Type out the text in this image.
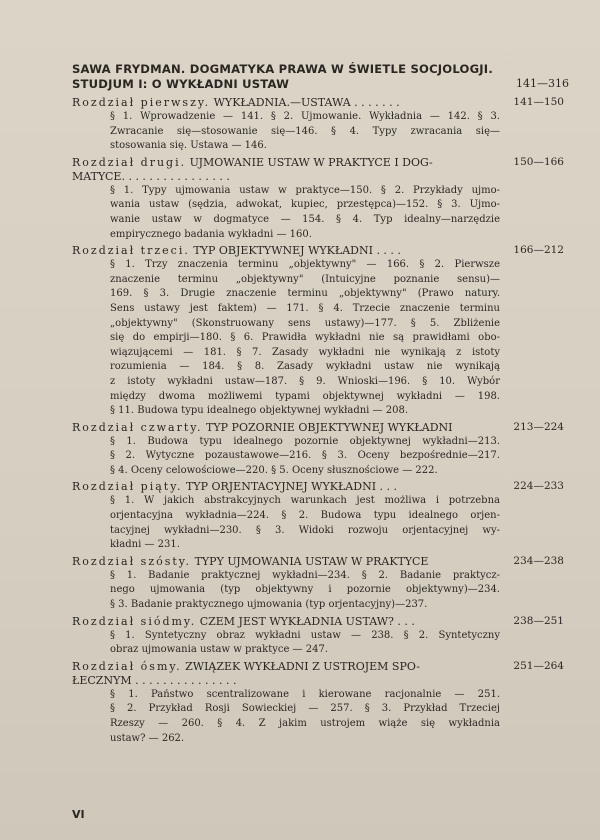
SAWA FRYDMAN. DOGMATYKA PRAWA W ŚWIETLE SOCJOLOGJI.
STUDJUM I: O WYKŁADNI USTAW	141—316
Rozdział pierwszy. WYKŁADNIA.—USTAWA . . . . . . .	141—150
§ 1. Wprowadzenie — 141. § 2. Ujmowanie. Wykładnia — 142. § 3.
Zwracanie się—stosowanie się—146. § 4. Typy zwracania się—
stosowania się. Ustawa — 146.
Rozdział drugi. UJMOWANIE USTAW W PRAKTYCE I DOG-
MATYCE. . . . . . . . . . . . . . . .
150—166
§ 1. Typy ujmowania ustaw w praktyce—150. § 2. Przykłady ujmo-
wania ustaw (sędzia, adwokat, kupiec, przestępca)—152. § 3. Ujmo-
wanie ustaw w dogmatyce — 154. § 4. Typ idealny—narzędzie
empirycznego badania wykładni — 160.
Rozdział trzeci. TYP OBJEKTYWNEJ WYKŁADNI . . . .	166—212
§ 1. Trzy znaczenia terminu „objektywny" — 166. § 2. Pierwsze
znaczenie terminu „objektywny" (Intuicyjne poznanie sensu)—
169. § 3. Drugie znaczenie terminu „objektywny" (Prawo natury.
Sens ustawy jest faktem) — 171. § 4. Trzecie znaczenie terminu
„objektywny" (Skonstruowany sens ustawy)—177. § 5. Zbliżenie
się do empirji—180. § 6. Prawidła wykładni nie są prawidłami obo-
wiązującemi — 181. § 7. Zasady wykładni nie wynikają z istoty
rozumienia — 184. § 8. Zasady wykładni ustaw nie wynikają
z istoty wykładni ustaw—187. § 9. Wnioski—196. § 10. Wybór
między dwoma możliwemi typami objektywnej wykładni — 198.
§ 11. Budowa typu idealnego objektywnej wykładni — 208.
Rozdział czwarty. TYP POZORNIE OBJEKTYWNEJ WYKŁADNI	213—224
§ 1. Budowa typu idealnego pozornie objektywnej wykładni—213.
§ 2. Wytyczne pozaustawowe—216. § 3. Oceny bezpośrednie—217.
§ 4. Oceny celowościowe—220. § 5. Oceny słusznościowe — 222.
Rozdział piąty. TYP ORJENTACYJNEJ WYKŁADNI . . .	224—233
§ 1. W jakich abstrakcyjnych warunkach jest możliwa i potrzebna
orjentacyjna wykładnia—224. § 2. Budowa typu idealnego orjen-
tacyjnej wykładni—230. § 3. Widoki rozwoju orjentacyjnej wy-
kładni — 231.
Rozdział szósty. TYPY UJMOWANIA USTAW W PRAKTYCE	234—238
§ 1. Badanie praktycznej wykładni—234. § 2. Badanie praktycz-
nego ujmowania (typ objektywny i pozornie objektywny)—234.
§ 3. Badanie praktycznego ujmowania (typ orjentacyjny)—237.
Rozdział siódmy. CZEM JEST WYKŁADNIA USTAW? . . .	238—251
§ 1. Syntetyczny obraz wykładni ustaw — 238. § 2. Syntetyczny
obraz ujmowania ustaw w praktyce — 247.
Rozdział ósmy. ZWIĄZEK WYKŁADNI Z USTROJEM SPO-
ŁECZNYM . . . . . . . . . . . . . . .
251—264
§ 1. Państwo scentralizowane i kierowane racjonalnie — 251.
§ 2. Przykład Rosji Sowieckiej — 257. § 3. Przykład Trzeciej
Rzeszy — 260. § 4. Z jakim ustrojem wiąże się wykładnia
ustaw? — 262.
VI
